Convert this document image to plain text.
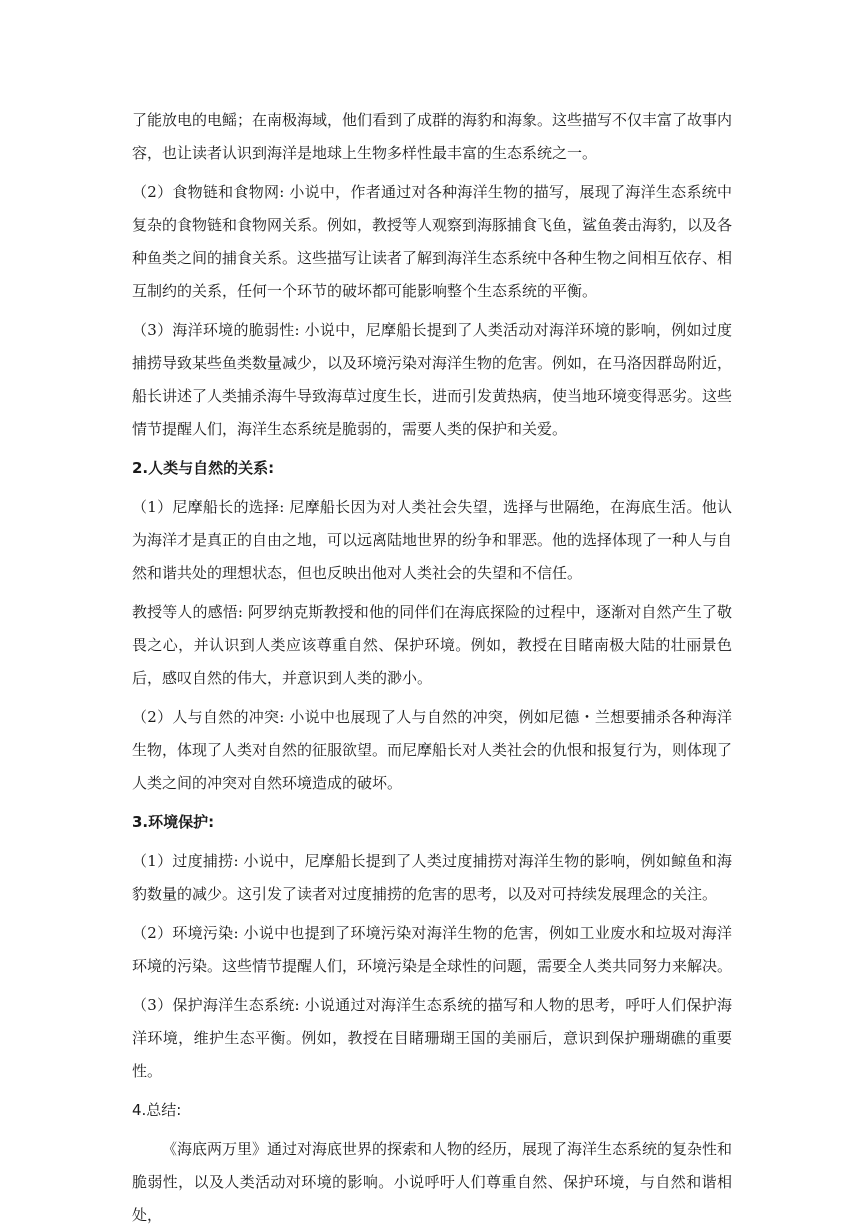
了能放电的电鳐；在南极海域，他们看到了成群的海豹和海象。这些描写不仅丰富了故事内容，也让读者认识到海洋是地球上生物多样性最丰富的生态系统之一。

（2）食物链和食物网: 小说中，作者通过对各种海洋生物的描写，展现了海洋生态系统中复杂的食物链和食物网关系。例如，教授等人观察到海豚捕食飞鱼，鲨鱼袭击海豹，以及各种鱼类之间的捕食关系。这些描写让读者了解到海洋生态系统中各种生物之间相互依存、相互制约的关系，任何一个环节的破坏都可能影响整个生态系统的平衡。

（3）海洋环境的脆弱性: 小说中，尼摩船长提到了人类活动对海洋环境的影响，例如过度捕捞导致某些鱼类数量减少，以及环境污染对海洋生物的危害。例如，在马洛因群岛附近，船长讲述了人类捕杀海牛导致海草过度生长，进而引发黄热病，使当地环境变得恶劣。这些情节提醒人们，海洋生态系统是脆弱的，需要人类的保护和关爱。

2.人类与自然的关系:

（1）尼摩船长的选择: 尼摩船长因为对人类社会失望，选择与世隔绝，在海底生活。他认为海洋才是真正的自由之地，可以远离陆地世界的纷争和罪恶。他的选择体现了一种人与自然和谐共处的理想状态，但也反映出他对人类社会的失望和不信任。

教授等人的感悟: 阿罗纳克斯教授和他的同伴们在海底探险的过程中，逐渐对自然产生了敬畏之心，并认识到人类应该尊重自然、保护环境。例如，教授在目睹南极大陆的壮丽景色后，感叹自然的伟大，并意识到人类的渺小。

（2）人与自然的冲突: 小说中也展现了人与自然的冲突，例如尼德・兰想要捕杀各种海洋生物，体现了人类对自然的征服欲望。而尼摩船长对人类社会的仇恨和报复行为，则体现了人类之间的冲突对自然环境造成的破坏。

3.环境保护:

（1）过度捕捞: 小说中，尼摩船长提到了人类过度捕捞对海洋生物的影响，例如鲸鱼和海豹数量的减少。这引发了读者对过度捕捞的危害的思考，以及对可持续发展理念的关注。

（2）环境污染: 小说中也提到了环境污染对海洋生物的危害，例如工业废水和垃圾对海洋环境的污染。这些情节提醒人们，环境污染是全球性的问题，需要全人类共同努力来解决。

（3）保护海洋生态系统: 小说通过对海洋生态系统的描写和人物的思考，呼吁人们保护海洋环境，维护生态平衡。例如，教授在目睹珊瑚王国的美丽后，意识到保护珊瑚礁的重要性。

4.总结:

《海底两万里》通过对海底世界的探索和人物的经历，展现了海洋生态系统的复杂性和脆弱性，以及人类活动对环境的影响。小说呼吁人们尊重自然、保护环境，与自然和谐相处，
